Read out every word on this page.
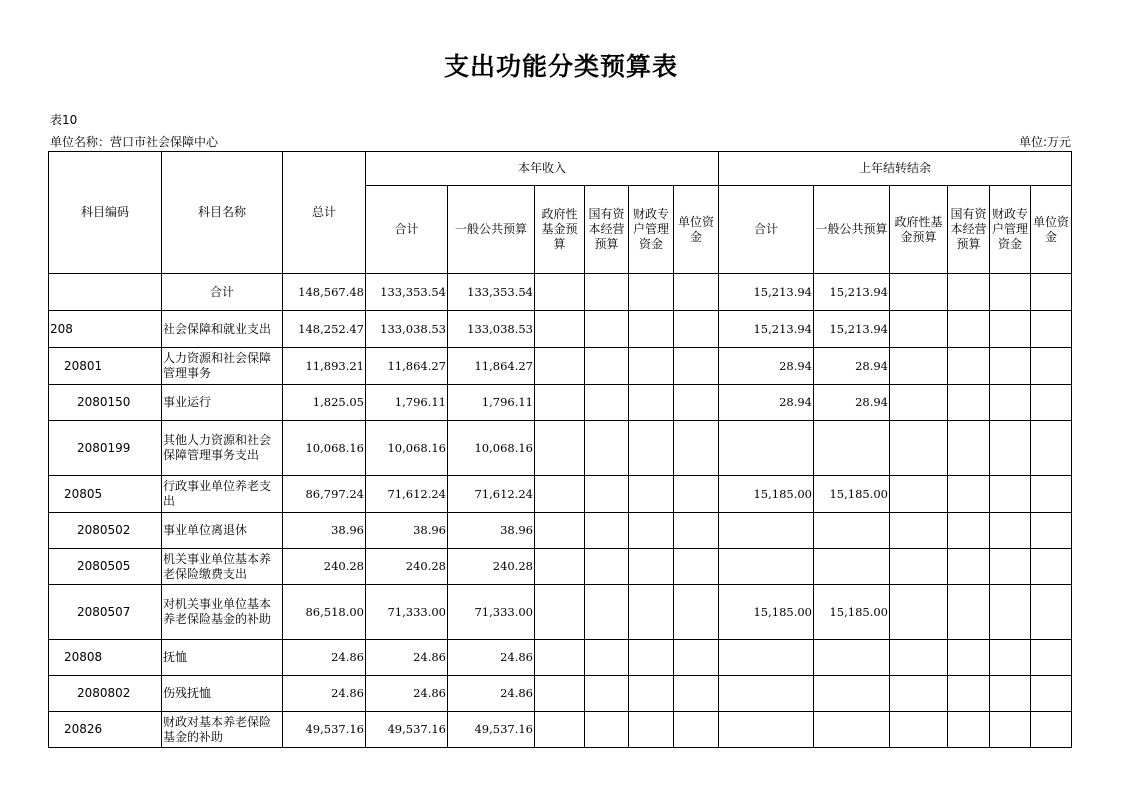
支出功能分类预算表
表10
单位名称：营口市社会保障中心	单位:万元
科目编码	科目名称	总计	本年收入						上年结转结余					
			合计	一般公共预算	政府性基金预算	国有资本经营预算	财政专户管理资金	单位资金	合计	一般公共预算	政府性基金预算	国有资本经营预算	财政专户管理资金	单位资金
	合计	148,567.48	133,353.54	133,353.54					15,213.94	15,213.94				
208	社会保障和就业支出	148,252.47	133,038.53	133,038.53					15,213.94	15,213.94				
20801	人力资源和社会保障管理事务	11,893.21	11,864.27	11,864.27					28.94	28.94				
2080150	事业运行	1,825.05	1,796.11	1,796.11					28.94	28.94				
2080199	其他人力资源和社会保障管理事务支出	10,068.16	10,068.16	10,068.16										
20805	行政事业单位养老支出	86,797.24	71,612.24	71,612.24					15,185.00	15,185.00				
2080502	事业单位离退休	38.96	38.96	38.96										
2080505	机关事业单位基本养老保险缴费支出	240.28	240.28	240.28										
2080507	对机关事业单位基本养老保险基金的补助	86,518.00	71,333.00	71,333.00					15,185.00	15,185.00				
20808	抚恤	24.86	24.86	24.86										
2080802	伤残抚恤	24.86	24.86	24.86										
20826	财政对基本养老保险基金的补助	49,537.16	49,537.16	49,537.16										
